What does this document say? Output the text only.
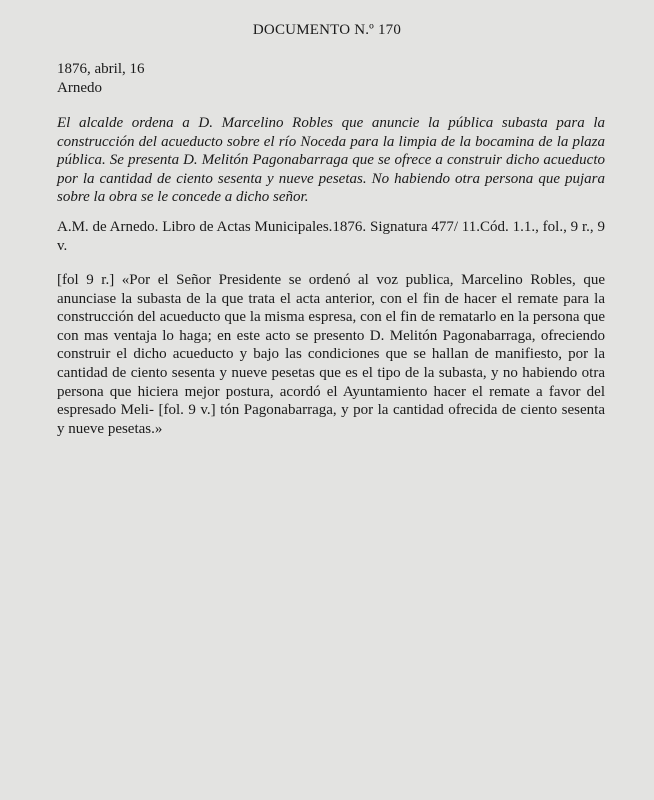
DOCUMENTO N.º 170
1876, abril, 16
Arnedo

El alcalde ordena a D. Marcelino Robles que anuncie la pública subasta para la construcción del acueducto sobre el río Noceda para la limpia de la bocamina de la plaza pública. Se presenta D. Melitón Pagonabarraga que se ofrece a construir dicho acueducto por la cantidad de ciento sesenta y nueve pesetas. No habiendo otra persona que pujara sobre la obra se le concede a dicho señor.

A.M. de Arnedo. Libro de Actas Municipales.1876. Signatura 477/ 11.Cód. 1.1., fol., 9 r., 9 v.

[fol 9 r.] «Por el Señor Presidente se ordenó al voz publica, Marcelino Robles, que anunciase la subasta de la que trata el acta anterior, con el fin de hacer el remate para la construcción del acueducto que la misma espresa, con el fin de rematarlo en la persona que con mas ventaja lo haga; en este acto se presento D. Melitón Pagonabarraga, ofreciendo construir el dicho acueducto y bajo las condiciones que se hallan de manifiesto, por la cantidad de ciento sesenta y nueve pesetas que es el tipo de la subasta, y no habiendo otra persona que hiciera mejor postura, acordó el Ayuntamiento hacer el remate a favor del espresado Meli- [fol. 9 v.] tón Pagonabarraga, y por la cantidad ofrecida de ciento sesenta y nueve pesetas.»
